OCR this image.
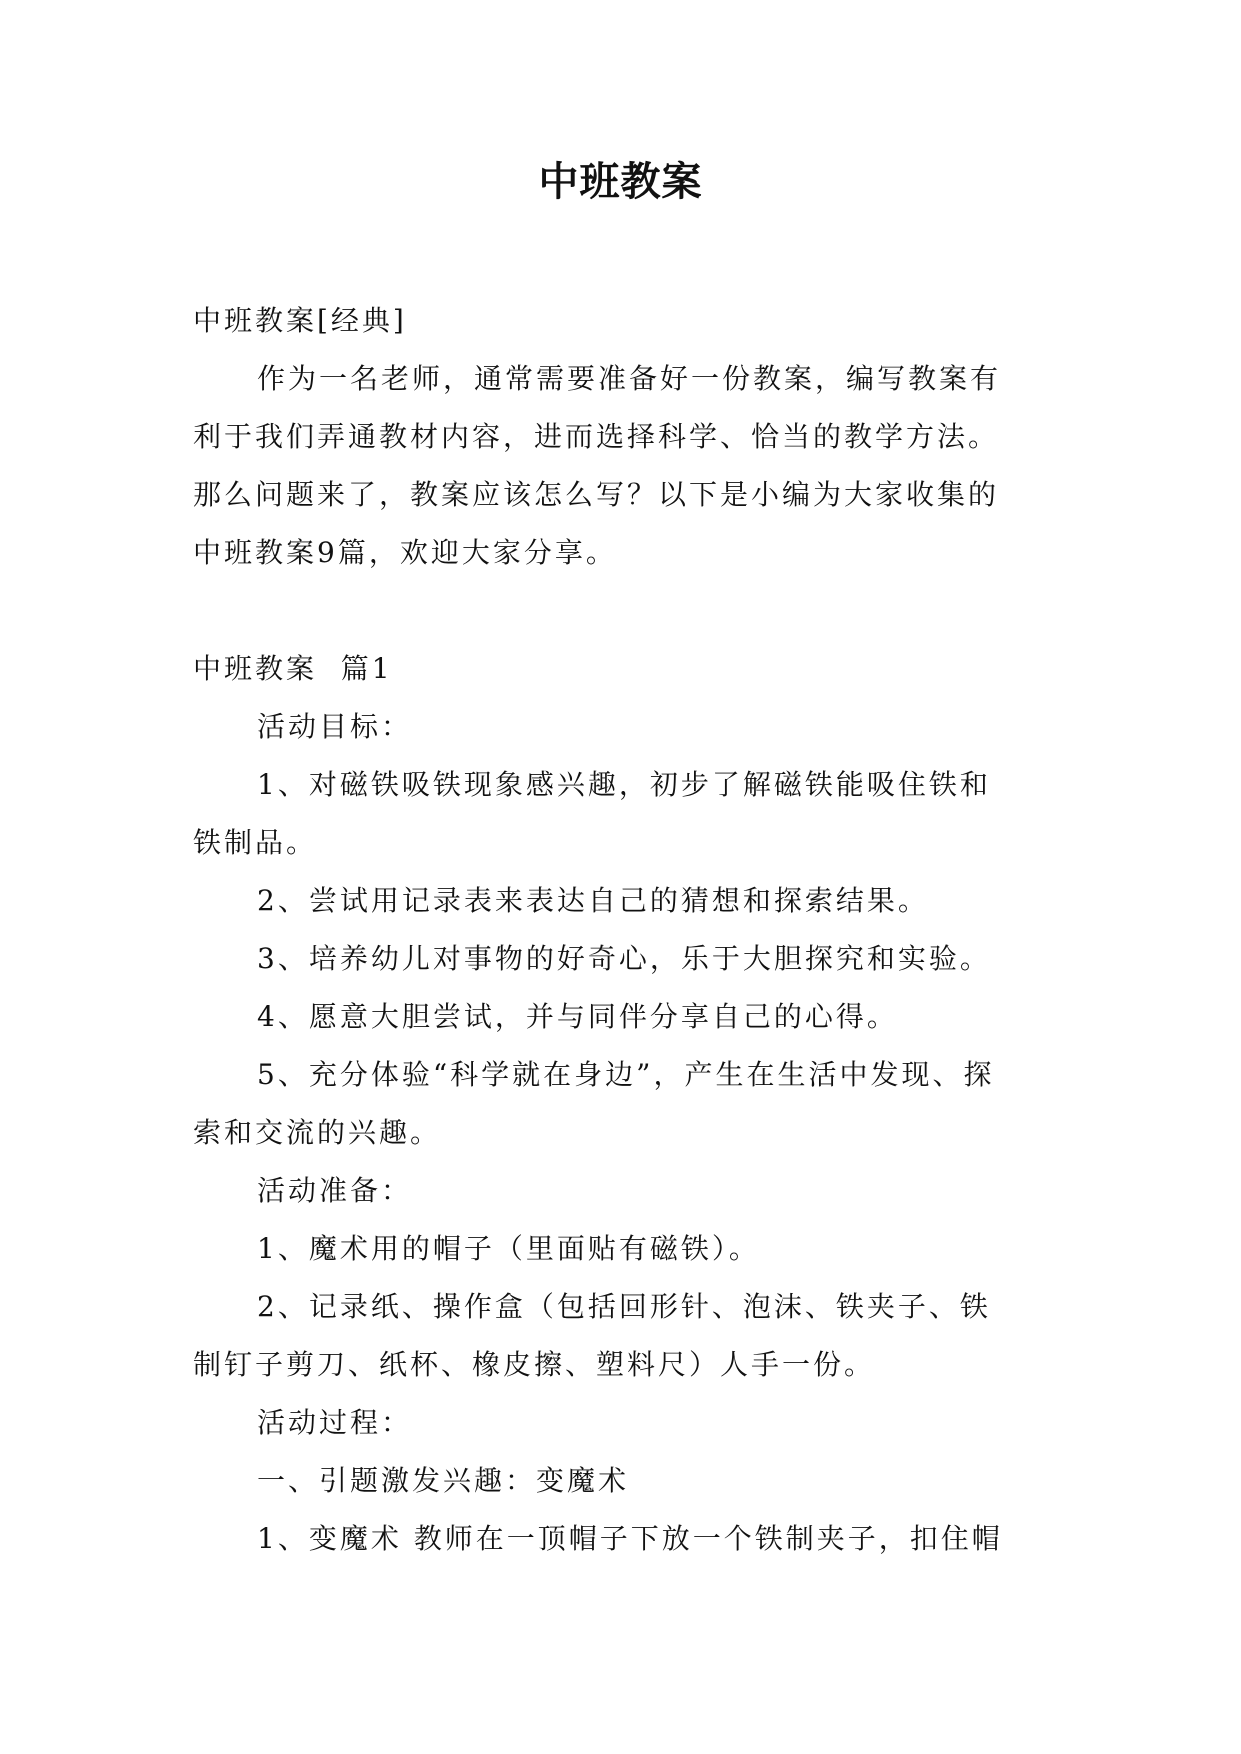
中班教案

中班教案[经典]

作为一名老师，通常需要准备好一份教案，编写教案有

利于我们弄通教材内容，进而选择科学、恰当的教学方法。

那么问题来了，教案应该怎么写？以下是小编为大家收集的

中班教案9篇，欢迎大家分享。

中班教案  篇1

活动目标：

1、对磁铁吸铁现象感兴趣，初步了解磁铁能吸住铁和

铁制品。

2、尝试用记录表来表达自己的猜想和探索结果。

3、培养幼儿对事物的好奇心，乐于大胆探究和实验。

4、愿意大胆尝试，并与同伴分享自己的心得。

5、充分体验“科学就在身边”，产生在生活中发现、探

索和交流的兴趣。

活动准备：

1、魔术用的帽子（里面贴有磁铁）。

2、记录纸、操作盒（包括回形针、泡沫、铁夹子、铁

制钉子剪刀、纸杯、橡皮擦、塑料尺）人手一份。

活动过程：

一、引题激发兴趣：变魔术

1、变魔术 教师在一顶帽子下放一个铁制夹子，扣住帽
